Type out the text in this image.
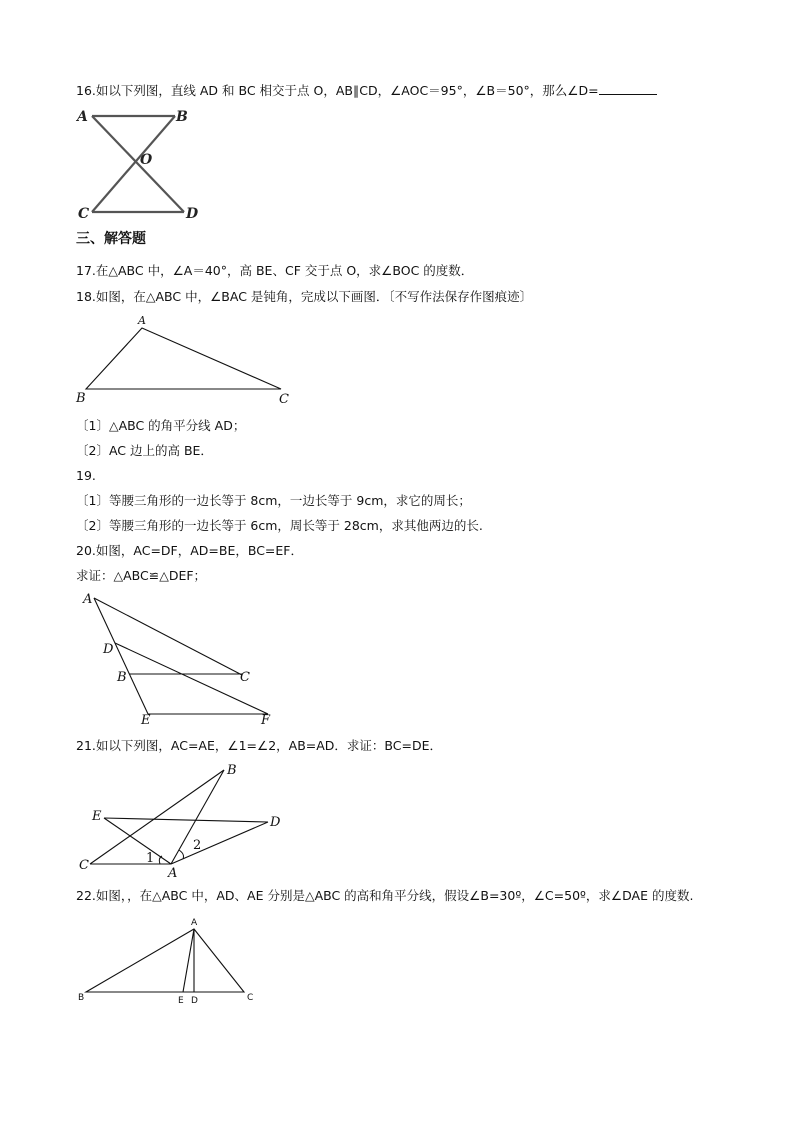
16.如以下列图，直线 AD 和 BC 相交于点 O，AB∥CD，∠AOC＝95°，∠B＝50°，那么∠D=
A	B
O
C	D
三、解答题
17.在△ABC 中，∠A＝40°，高 BE、CF 交于点 O，求∠BOC 的度数．
18.如图，在△ABC 中，∠BAC 是钝角，完成以下画图．〔不写作法保存作图痕迹〕
A
B	C
〔1〕△ABC 的角平分线 AD；
〔2〕AC 边上的高 BE．
19.
〔1〕等腰三角形的一边长等于 8cm，一边长等于 9cm，求它的周长；
〔2〕等腰三角形的一边长等于 6cm，周长等于 28cm，求其他两边的长.
20.如图，AC=DF，AD=BE，BC=EF．
求证：△ABC≌△DEF；
A
D
B	C
E	F
21.如以下列图，AC=AE，∠1=∠2，AB=AD．求证：BC=DE．
B
E	D
C
A
1
2
22.如图，，在△ABC 中，AD、AE 分别是△ABC 的高和角平分线，假设∠B=30º，∠C=50º，求∠DAE 的度数.
A
B	E D	C
